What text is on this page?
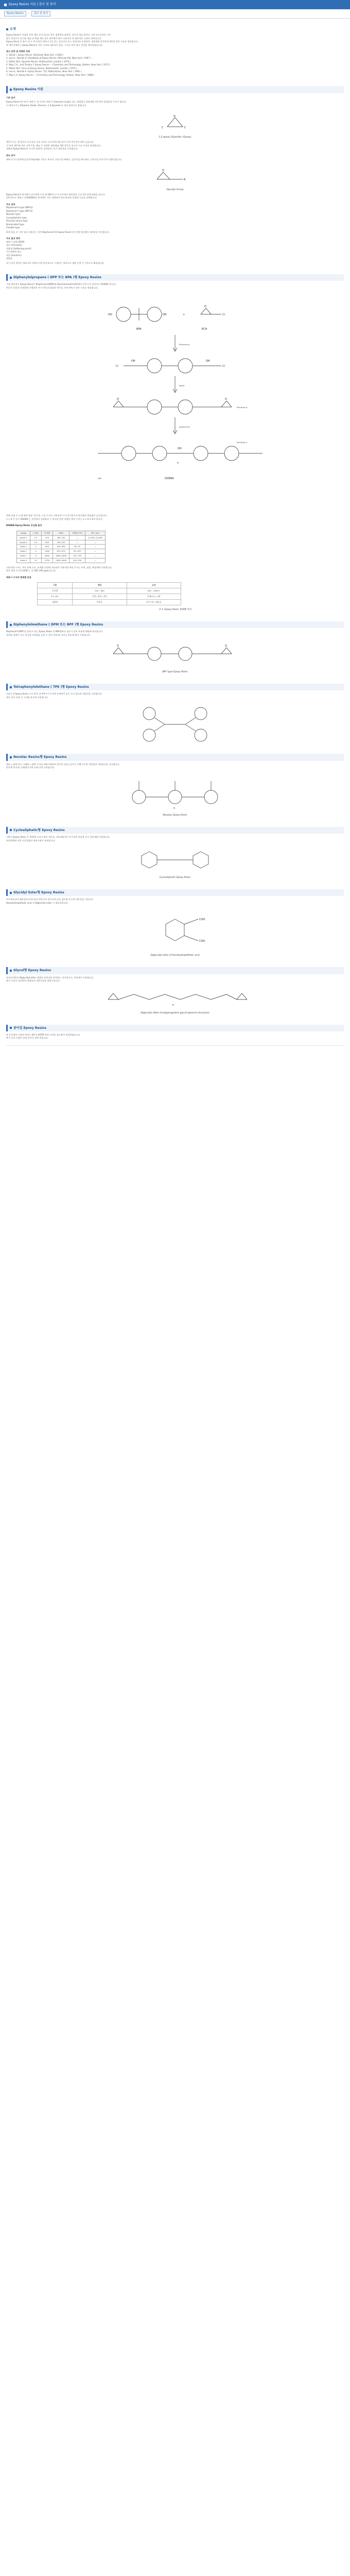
Epoxy Resins 이론 | 참조 및 용어
Epoxy Resins	›	참조 및 용어
소개
Epoxy Resin은 산업용 접착 재료 중의 하나로 좋은 접착력과 화학물, 전기적 재료 분야나 기계 강도보장을 가진
좋은 물성으로 전기분 제품 외 복합 재료 같은 분야에서 많이 사용되어 온 대표적인 고분자 재료입니다.
Epoxy Resin 은 분자 내 두 개 이상의 에폭시기를 갖는 올리고머 또는 폴리머를 통칭하며, 경화제와 반응하여 3차원 망상 구조를 형성합니다.
본 페이지에서는 Epoxy Resin의 기본 구조와 대표적인 종류, 그리고 관련 참고 문헌을 정리하였습니다.
참고 문헌 및 단행본 목록
1. Skeist I. Epoxy Resins. Reinhold, New York ( 1958 )
2. Lee H., Neville K. Handbook of Epoxy Resins. McGraw-Hill, New York ( 1967 )
3. Potter W.G. Epoxide Resins. Butterworth, London ( 1970 )
4. May C.A., and Tanaka Y. Epoxy Resins — Chemistry and Technology. Dekker, New York ( 1973 )
5. Potter W.G. Uses of Epoxy Resins. Butterworth, London ( 1975 )
6. Lee H., Neville K. Epoxy Resins. TLC Publications, New York ( 1981 )
7. May C.A. Epoxy Resins — Chemistry and Technology. Dekker, New York ( 1988 )
Epoxy Resins 이론
기초 용어
Epoxy Resin이란 분자 내에 두 개 이상의 에폭시기(oxirane ring)를 갖는 화합물로 경화제와 반응하여 열경화성 수지가 됩니다.
이 에폭시기는 Ethylene Oxide, Oxirane, 1,2-Epoxide 등 여러 명칭으로 불립니다.
O
C	C
1,2-epoxy (Epoxide / Epoxy)
에폭시기는 세 원자로 이루어진 고리 구조로 고리 변형 에너지가 커서 반응성이 매우 높습니다.
이 특성 때문에 아민, 산무수물, 페놀 등 다양한 경화제와 개환 반응을 일으켜 가교 구조를 형성합니다.
경화된 Epoxy Resin은 우수한 접착력, 내약품성, 전기 절연성을 나타냅니다.
관능 용어
에폭시기가 말단에 있으면 Glycidyl 기라고 부르며, 글리시딜 에테르, 글리시딜 에스테르, 글리시딜 아민 등이 대표적입니다.
O
R
Glycidyl Group
Epoxy Resin의 분자량이 증가하면 수산기(-OH)의 수가 증가하여 접착성과 가교 반응성에 영향을 줍니다.
일반적으로 에폭시 당량(EEW)과 분자량은 서로 비례하며 용도에 따라 적절한 등급을 선택합니다.
주요 분류
Bisphenol-A type (BPA형)
Bisphenol-F type (BPF형)
Novolac type
Cycloaliphatic type
Glycidyl amine type
Brominated type
Flexible type
위의 분류 중 가장 널리 사용되는 것은 Bisphenol-A형 Epoxy Resin이며 전체 생산량의 대부분을 차지합니다.
주요 물성 항목
에폭시 당량 (EEW)
점도 (Viscosity)
연화점 (Softening point)
가수분해성 염소
색상 (Gardner)
휘발분
상기 물성 항목은 제조사의 카탈로그에 공통적으로 기재되는 항목으로 제품 선정 시 기준으로 활용됩니다.
Diphenylolpropane ( DPP 또는 BPA )형 Epoxy Resins
가장 대표적인 Epoxy Resin은 Bisphenol-A(BPA)와 Epichlorohydrin(ECH)의 반응으로 얻어지는 DGEBA 입니다.
반응은 알칼리 존재하에 진행되며 부가 반응과 탈염산 반응을 거쳐 에폭시 말단 구조를 형성합니다.
HO	OH
BPA
O
Cl
ECH
+
Structure g
Cl	Cl
OH	OH
NaOH
O	O
Structure g
excess ECH
OH
n
Structure h
DGEBA
DPP
반복 단위 수 n 에 따라 액상, 반고상, 고상 수지로 구분되며 n 이 증가할수록 분자량과 연화점이 높아집니다.
n = 0 인 순수 DGEBA 는 상온에서 결정화될 수 있으며 일반 상업용 액상 수지는 n ≈ 0.1–0.2 입니다.
DGEBA Epoxy Resin 등급별 물성
Grade	n 평균	분자량	EEW	연화점 (℃)	점도 (cP)
Liquid 1	0.1	370	185–192	—	11,000–14,000
Liquid 2	0.2	400	200–220	—	—
Solid 1	2	900	450–500	64–76	—
Solid 4	4	1400	875–975	95–105	—
Solid 7	9	2900	1650–2000	127–133	—
Solid 9	12	3750	2400–4000	145–155	—
고분자량 수지는 주로 분체 도료, 용제형 코팅에 사용되며 저분자량 액상 수지는 주형, 접착, 복합재에 사용됩니다.
표준 액상 수지의 EEW 는 약 185–192 g/eq 입니다.
에폭시 수지의 형태별 분류
구분	액상	고상
분자량	340 – 600	900 – 4000+
주요 용도	주형 / 접착 / 적층	분체도료 / 코팅
경화제	아민류	산무수물 / 페놀류
표 1. Epoxy Resin 형태별 특징
Diphenylolmethane ( DPM 또는 BPF )형 Epoxy Resins
Bisphenol-F(BPF)를 원료로 하는 Epoxy Resin 은 BPA형보다 점도가 낮아 무용제 배합에 유리합니다.
결정화 경향이 적고 희석제 사용량을 줄일 수 있어 바닥재, 라이닝 용도에 많이 사용됩니다.
O	O
BPF type Epoxy Resin
Tetraphenylolethane ( TPE )형 Epoxy Resins
다관능성 Epoxy Resin 으로 분자 내 에폭시기가 4개 존재하여 높은 가교 밀도와 내열성을 나타냅니다.
항공·전자 부품 등 고내열 용도에 사용됩니다.
Novolac Resins형 Epoxy Resins
페놀 노볼락 또는 크레졸 노볼락 수지를 에폭시화하여 얻으며 다관능성으로 인해 우수한 내열성과 내약품성을 나타냅니다.
반도체 봉지재, 인쇄회로기판 등에 널리 사용됩니다.
n
Novolac Epoxy Resin
Cycloaliphatic형 Epoxy Resins
지환식 Epoxy Resin 은 방향족 고리가 없어 내후성, 내트래킹성이 우수하며 옥외용 전기 절연재에 사용됩니다.
과산화물에 의한 이중결합의 에폭시화로 제조됩니다.
Cycloaliphatic Epoxy Resin
Glycidyl Ester형 Epoxy Resins
카르복실산과 에피클로로히드린의 반응으로 얻어지며 낮은 점도와 우수한 내후성을 가집니다.
Hexahydrophthalic acid 의 Diglycidyl ester 가 대표적입니다.
COO
COO
Diglycidyl ester of hexahydrophthalic acid
Glycol형 Epoxy Resins
폴리글리콜의 Diglycidyl ether 형태로 유연성을 부여하는 희석제 또는 개질제로 사용됩니다.
분자 사슬이 유연하여 경화물의 내충격성을 향상시킵니다.
n
Diglycidyl ether of polypropylene glycol (general structure)
용어집 Epoxy Resins
본 문서에서 사용된 용어는 KS 및 ASTM 관련 규격을 참고하여 정리하였습니다.
추가 문의 사항은 담당 부서로 연락 바랍니다.
